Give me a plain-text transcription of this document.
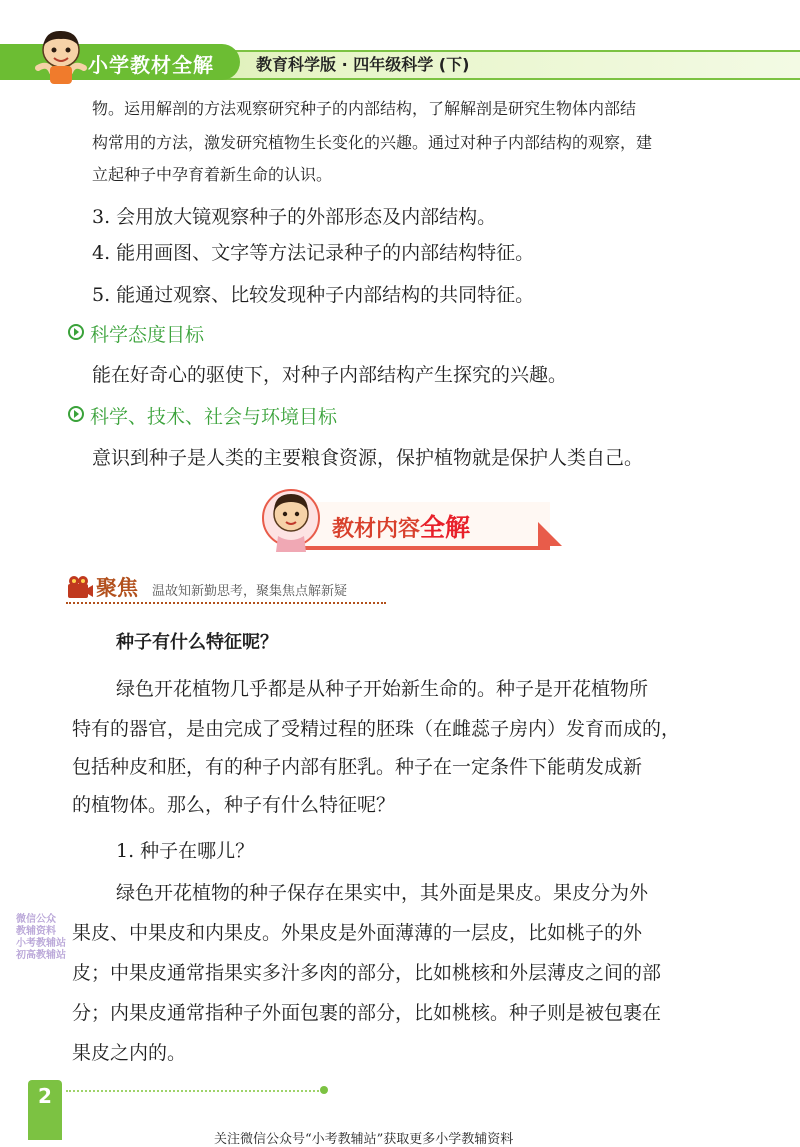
小学教材全解	教育科学版 · 四年级科学 (下)
物。运用解剖的方法观察研究种子的内部结构，了解解剖是研究生物体内部结
构常用的方法，激发研究植物生长变化的兴趣。通过对种子内部结构的观察，建
立起种子中孕育着新生命的认识。
3. 会用放大镜观察种子的外部形态及内部结构。
4. 能用画图、文字等方法记录种子的内部结构特征。
5. 能通过观察、比较发现种子内部结构的共同特征。
科学态度目标
能在好奇心的驱使下，对种子内部结构产生探究的兴趣。
科学、技术、社会与环境目标
意识到种子是人类的主要粮食资源，保护植物就是保护人类自己。
教材内容全解
聚焦 温故知新勤思考，聚集焦点解新疑
种子有什么特征呢？
绿色开花植物几乎都是从种子开始新生命的。种子是开花植物所
特有的器官，是由完成了受精过程的胚珠（在雌蕊子房内）发育而成的，
包括种皮和胚，有的种子内部有胚乳。种子在一定条件下能萌发成新
的植物体。那么，种子有什么特征呢？
1. 种子在哪儿？
绿色开花植物的种子保存在果实中，其外面是果皮。果皮分为外
果皮、中果皮和内果皮。外果皮是外面薄薄的一层皮，比如桃子的外
皮；中果皮通常指果实多汁多肉的部分，比如桃核和外层薄皮之间的部
分；内果皮通常指种子外面包裹的部分，比如桃核。种子则是被包裹在
果皮之内的。
微信公众
教辅资料
小考教辅站
初高教辅站
2
关注微信公众号“小考教辅站”获取更多小学教辅资料
